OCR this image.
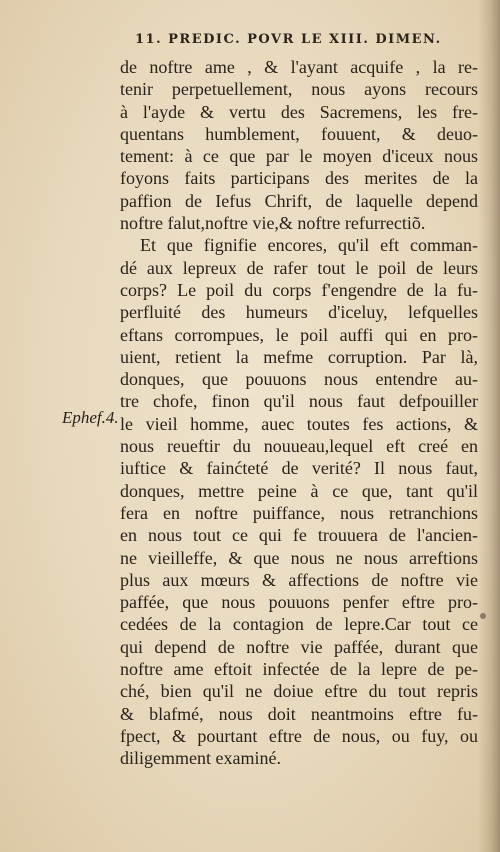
11. PREDIC. POVR LE XIII. DIMEN.
Ephef.4.
de noftre ame , & l'ayant acquife , la re-
tenir perpetuellement, nous ayons recours
à l'ayde & vertu des Sacremens, les fre-
quentans humblement, fouuent, & deuo-
tement: à ce que par le moyen d'iceux nous
foyons faits participans des merites de la
paffion de Iefus Chrift, de laquelle depend
noftre falut,noftre vie,& noftre refurrectiõ.
Et que fignifie encores, qu'il eft comman-
dé aux lepreux de rafer tout le poil de leurs
corps? Le poil du corps f'engendre de la fu-
perfluité des humeurs d'iceluy, lefquelles
eftans corrompues, le poil auffi qui en pro-
uient, retient la mefme corruption. Par là,
donques, que pouuons nous entendre au-
tre chofe, finon qu'il nous faut defpouiller
le vieil homme, auec toutes fes actions, &
nous reueftir du nouueau,lequel eft creé en
iuftice & fainćteté de verité? Il nous faut,
donques, mettre peine à ce que, tant qu'il
fera en noftre puiffance, nous retranchions
en nous tout ce qui fe trouuera de l'ancien-
ne vieilleffe, & que nous ne nous arreftions
plus aux mœurs & affections de noftre vie
paffée, que nous pouuons penfer eftre pro-
cedées de la contagion de lepre.Car tout ce
qui depend de noftre vie paffée, durant que
noftre ame eftoit infectée de la lepre de pe-
ché, bien qu'il ne doiue eftre du tout repris
& blafmé, nous doit neantmoins eftre fu-
fpect, & pourtant eftre de nous, ou fuy, ou
diligemment examiné.
